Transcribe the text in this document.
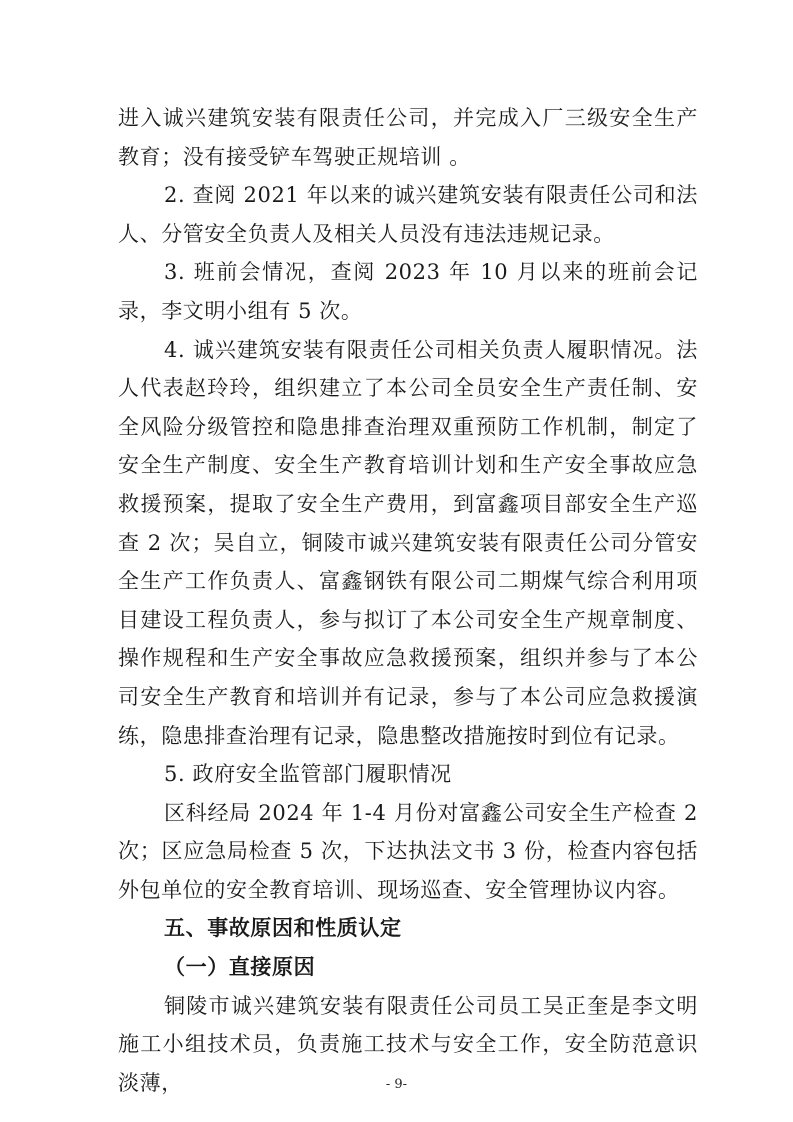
进入诚兴建筑安装有限责任公司，并完成入厂三级安全生产教育；没有接受铲车驾驶正规培训 。

2. 查阅 2021 年以来的诚兴建筑安装有限责任公司和法人、分管安全负责人及相关人员没有违法违规记录。

3. 班前会情况，查阅 2023 年 10 月以来的班前会记录，李文明小组有 5 次。

4. 诚兴建筑安装有限责任公司相关负责人履职情况。法人代表赵玲玲，组织建立了本公司全员安全生产责任制、安全风险分级管控和隐患排查治理双重预防工作机制，制定了安全生产制度、安全生产教育培训计划和生产安全事故应急救援预案，提取了安全生产费用，到富鑫项目部安全生产巡查 2 次；吴自立，铜陵市诚兴建筑安装有限责任公司分管安全生产工作负责人、富鑫钢铁有限公司二期煤气综合利用项目建设工程负责人，参与拟订了本公司安全生产规章制度、操作规程和生产安全事故应急救援预案，组织并参与了本公司安全生产教育和培训并有记录，参与了本公司应急救援演练，隐患排查治理有记录，隐患整改措施按时到位有记录。

5. 政府安全监管部门履职情况

区科经局 2024 年 1-4 月份对富鑫公司安全生产检查 2 次；区应急局检查 5 次，下达执法文书 3 份，检查内容包括外包单位的安全教育培训、现场巡查、安全管理协议内容。

五、事故原因和性质认定

（一）直接原因

铜陵市诚兴建筑安装有限责任公司员工吴正奎是李文明施工小组技术员，负责施工技术与安全工作，安全防范意识淡薄，	- 9-
